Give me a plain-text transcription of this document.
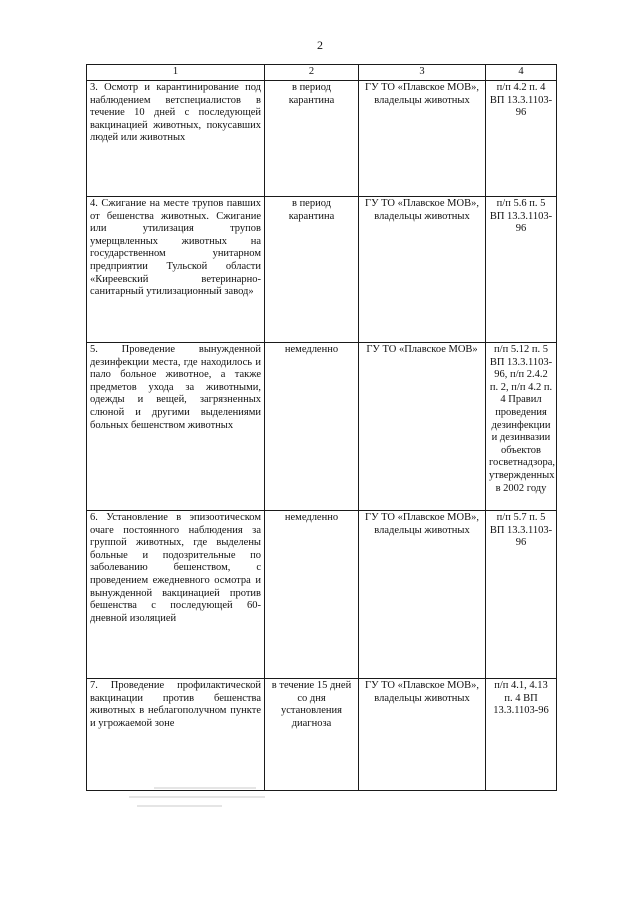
2
1	2	3	4
3. Осмотр и карантинирование под наблюдением ветспециалистов в течение 10 дней с последующей вакцинацией животных, покусавших людей или животных	в период карантина	ГУ ТО «Плавское МОВ», владельцы животных	п/п 4.2 п. 4 ВП 13.3.1103-96
4. Сжигание на месте трупов павших от бешенства животных. Сжигание или утилизация трупов умерщвленных животных на государственном унитарном предприятии Тульской области «Киреевский ветеринарно-санитарный утилизационный завод»	в период карантина	ГУ ТО «Плавское МОВ», владельцы животных	п/п 5.6 п. 5 ВП 13.3.1103-96
5. Проведение вынужденной дезинфекции места, где находилось и пало больное животное, а также предметов ухода за животными, одежды и вещей, загрязненных слюной и другими выделениями больных бешенством животных	немедленно	ГУ ТО «Плавское МОВ»	п/п 5.12 п. 5 ВП 13.3.1103-96, п/п 2.4.2 п. 2, п/п 4.2 п. 4 Правил проведения дезинфекции и дезинвазии объектов госветнадзора, утвержденных в 2002 году
6. Установление в эпизоотическом очаге постоянного наблюдения за группой животных, где выделены больные и подозрительные по заболеванию бешенством, с проведением ежедневного осмотра и вынужденной вакцинацией против бешенства с последующей 60-дневной изоляцией	немедленно	ГУ ТО «Плавское МОВ», владельцы животных	п/п 5.7 п. 5 ВП 13.3.1103-96
7. Проведение профилактической вакцинации против бешенства животных в неблагополучном пункте и угрожаемой зоне	в течение 15 дней со дня установления диагноза	ГУ ТО «Плавское МОВ», владельцы животных	п/п 4.1, 4.13 п. 4 ВП 13.3.1103-96
